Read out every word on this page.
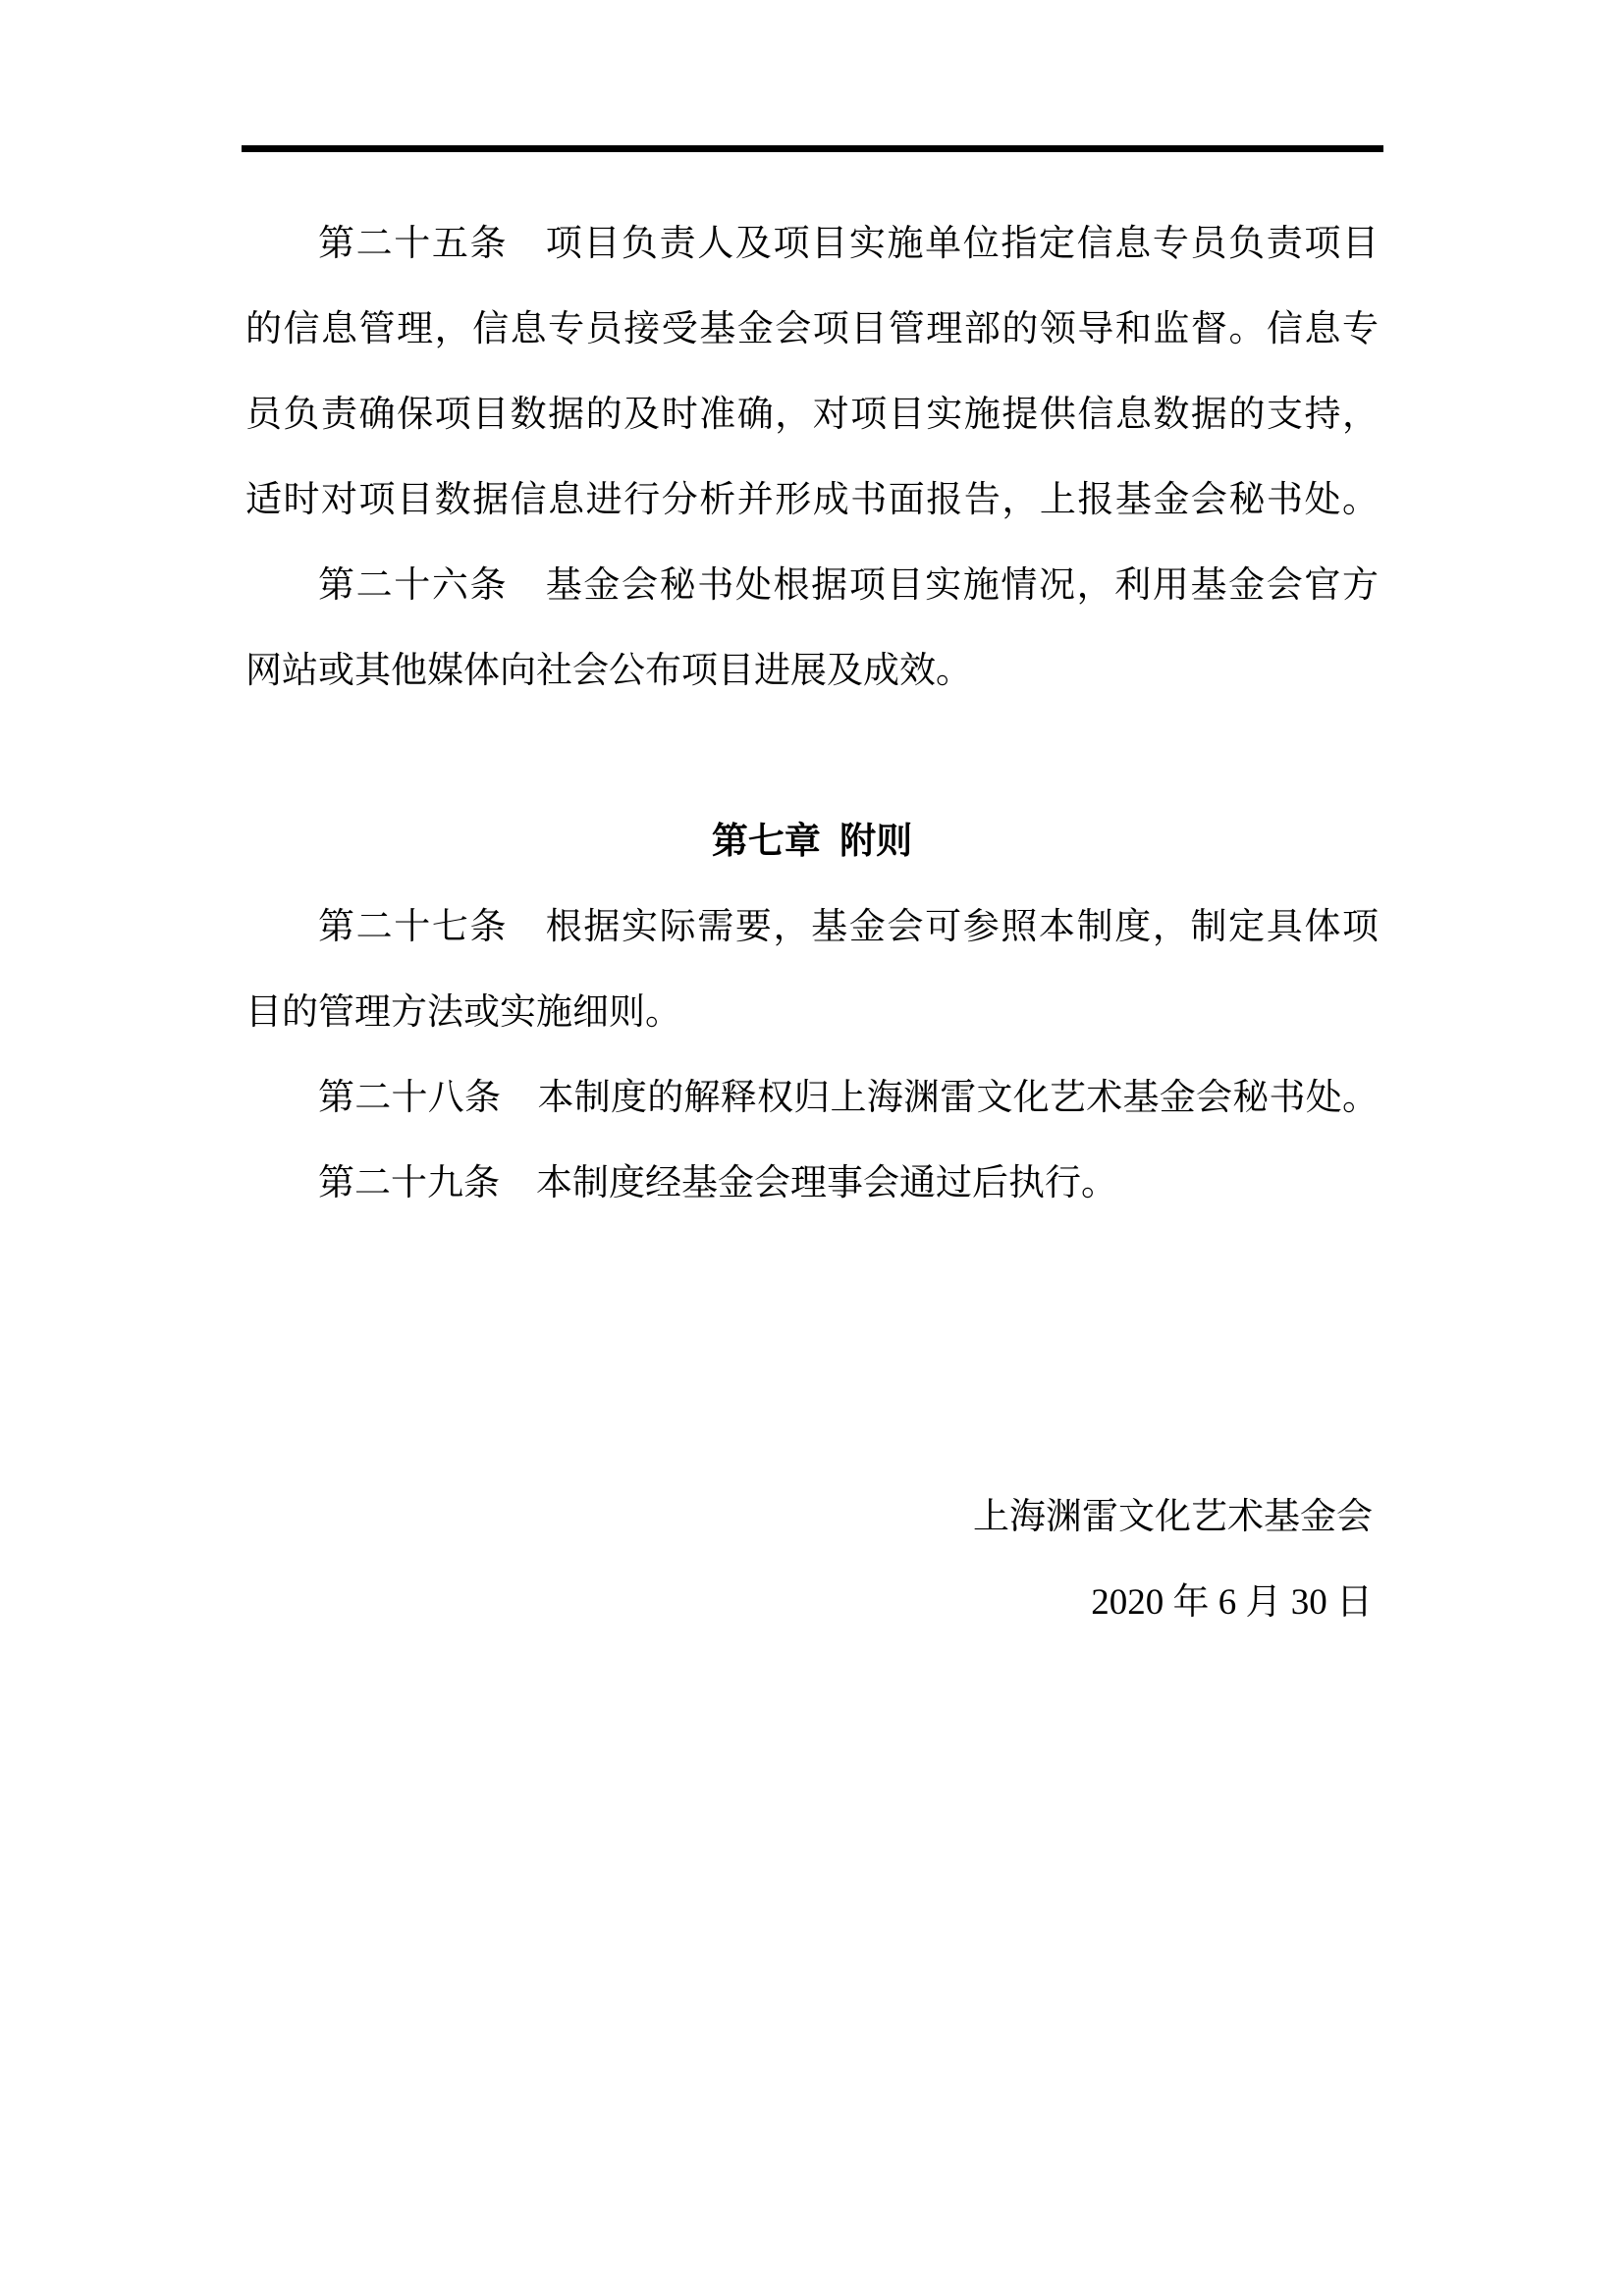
第二十五条　项目负责人及项目实施单位指定信息专员负责项目
的信息管理，信息专员接受基金会项目管理部的领导和监督。信息专
员负责确保项目数据的及时准确，对项目实施提供信息数据的支持，
适时对项目数据信息进行分析并形成书面报告，上报基金会秘书处。
第二十六条　基金会秘书处根据项目实施情况，利用基金会官方
网站或其他媒体向社会公布项目进展及成效。
第七章 附则
第二十七条　根据实际需要，基金会可参照本制度，制定具体项
目的管理方法或实施细则。
第二十八条　本制度的解释权归上海渊雷文化艺术基金会秘书处。
第二十九条　本制度经基金会理事会通过后执行。
上海渊雷文化艺术基金会
2020 年 6 月 30 日
